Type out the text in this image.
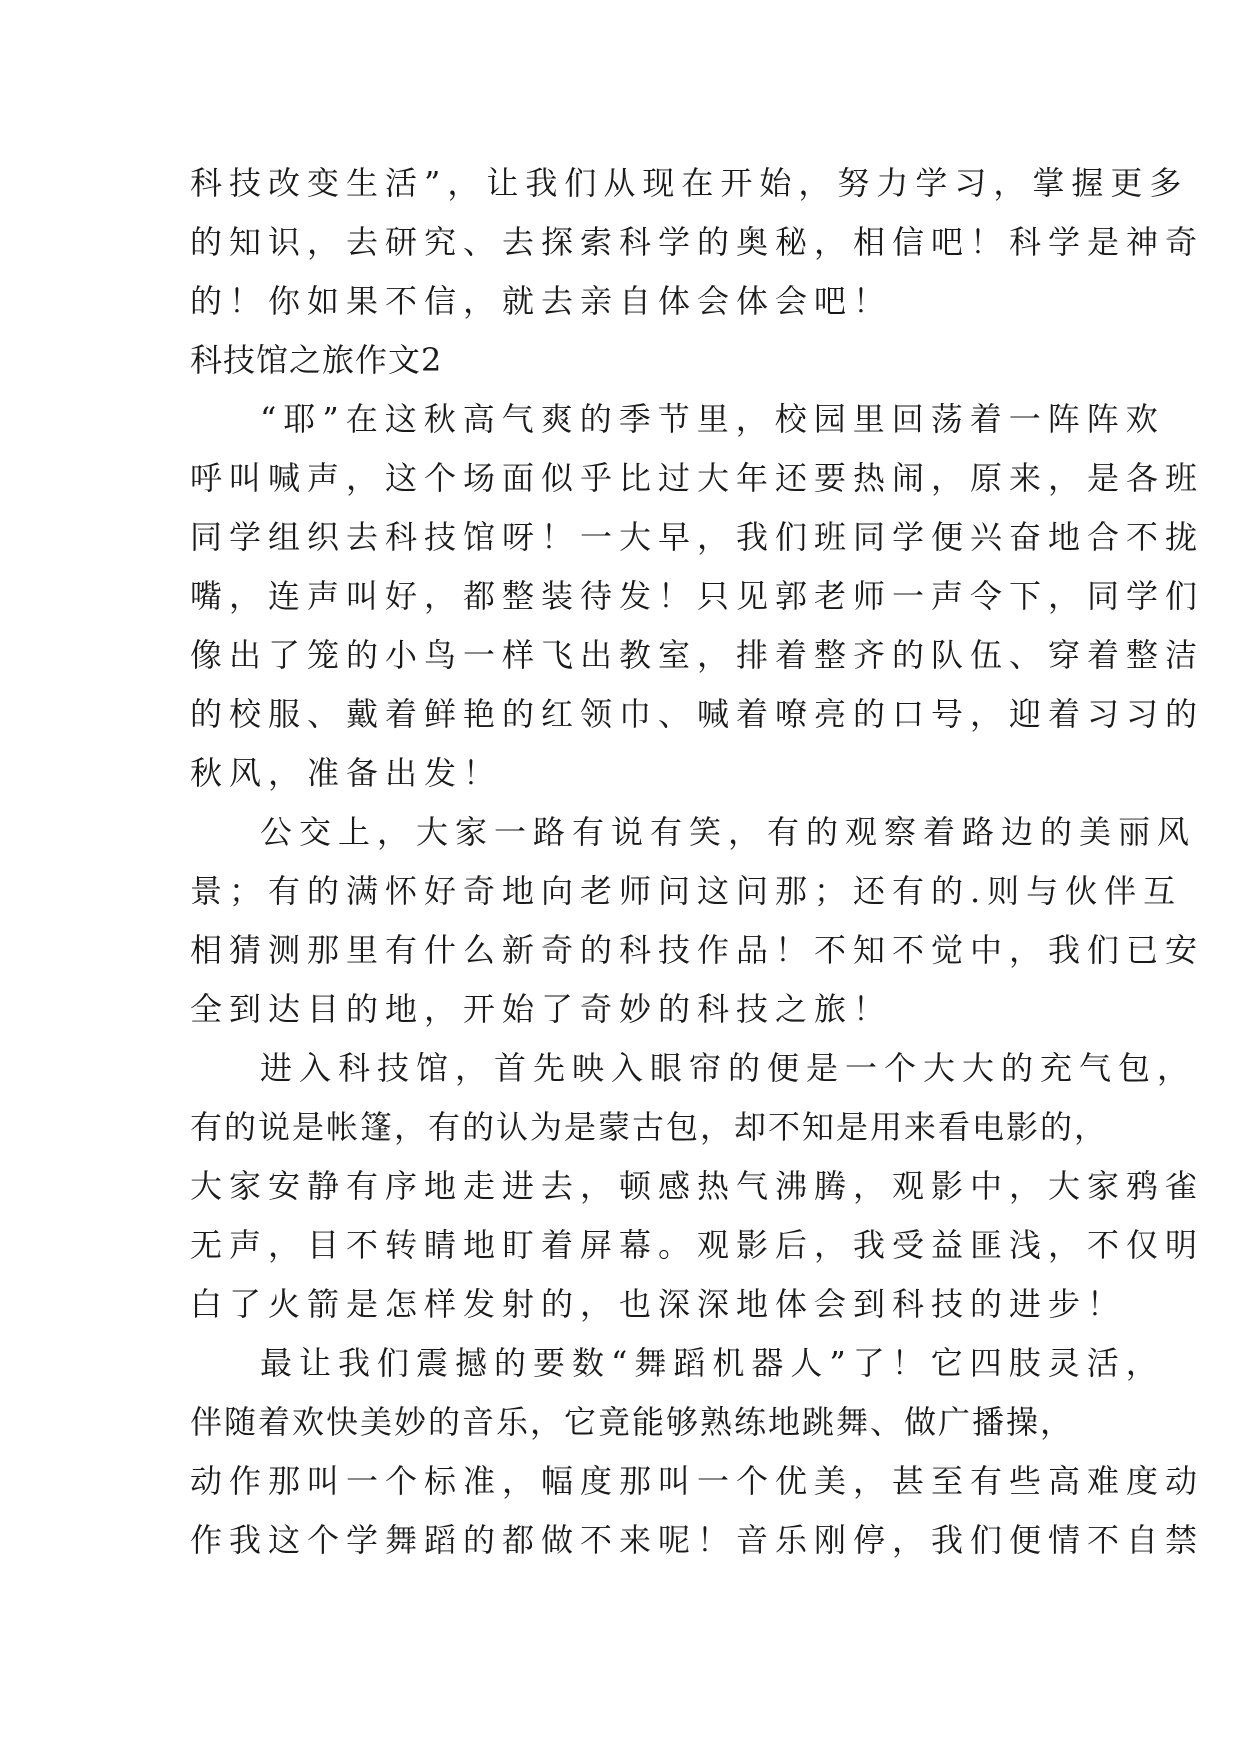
科技改变生活”，让我们从现在开始，努力学习，掌握更多
的知识，去研究、去探索科学的奥秘，相信吧！科学是神奇
的！你如果不信，就去亲自体会体会吧！
科技馆之旅作文2
“耶”在这秋高气爽的季节里，校园里回荡着一阵阵欢
呼叫喊声，这个场面似乎比过大年还要热闹，原来，是各班
同学组织去科技馆呀！一大早，我们班同学便兴奋地合不拢
嘴，连声叫好，都整装待发！只见郭老师一声令下，同学们
像出了笼的小鸟一样飞出教室，排着整齐的队伍、穿着整洁
的校服、戴着鲜艳的红领巾、喊着嘹亮的口号，迎着习习的
秋风，准备出发！
公交上，大家一路有说有笑，有的观察着路边的美丽风
景；有的满怀好奇地向老师问这问那；还有的.则与伙伴互
相猜测那里有什么新奇的科技作品！不知不觉中，我们已安
全到达目的地，开始了奇妙的科技之旅！
进入科技馆，首先映入眼帘的便是一个大大的充气包，
有的说是帐篷，有的认为是蒙古包，却不知是用来看电影的，
大家安静有序地走进去，顿感热气沸腾，观影中，大家鸦雀
无声，目不转睛地盯着屏幕。观影后，我受益匪浅，不仅明
白了火箭是怎样发射的，也深深地体会到科技的进步！
最让我们震撼的要数“舞蹈机器人”了！它四肢灵活，
伴随着欢快美妙的音乐，它竟能够熟练地跳舞、做广播操，
动作那叫一个标准，幅度那叫一个优美，甚至有些高难度动
作我这个学舞蹈的都做不来呢！音乐刚停，我们便情不自禁
